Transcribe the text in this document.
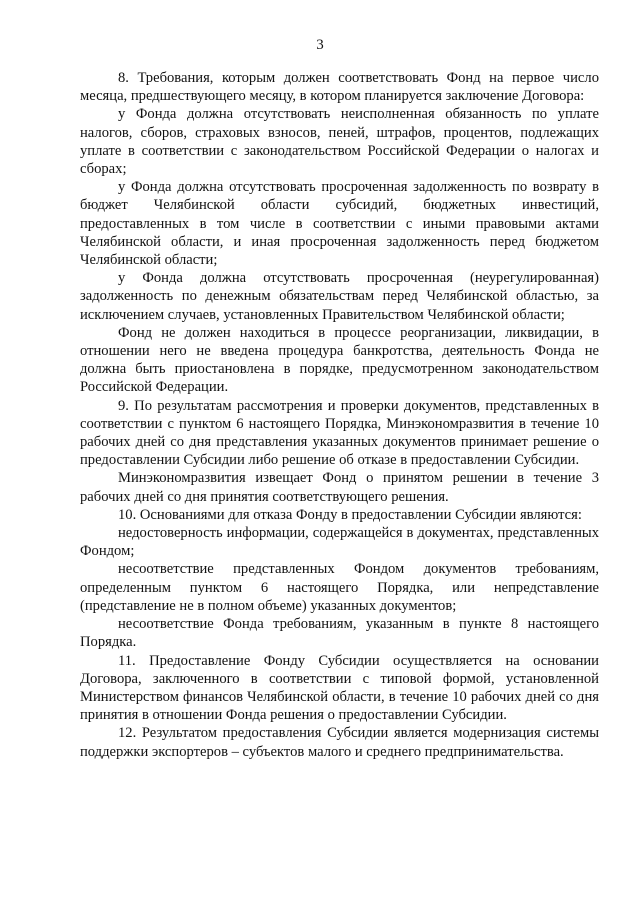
3

8. Требования, которым должен соответствовать Фонд на первое число месяца, предшествующего месяцу, в котором планируется заключение Договора:

у Фонда должна отсутствовать неисполненная обязанность по уплате налогов, сборов, страховых взносов, пеней, штрафов, процентов, подлежащих уплате в соответствии с законодательством Российской Федерации о налогах и сборах;

у Фонда должна отсутствовать просроченная задолженность по возврату в бюджет Челябинской области субсидий, бюджетных инвестиций, предоставленных в том числе в соответствии с иными правовыми актами Челябинской области, и иная просроченная задолженность перед бюджетом Челябинской области;

у Фонда должна отсутствовать просроченная (неурегулированная) задолженность по денежным обязательствам перед Челябинской областью, за исключением случаев, установленных Правительством Челябинской области;

Фонд не должен находиться в процессе реорганизации, ликвидации, в отношении него не введена процедура банкротства, деятельность Фонда не должна быть приостановлена в порядке, предусмотренном законодательством Российской Федерации.

9. По результатам рассмотрения и проверки документов, представленных в соответствии с пунктом 6 настоящего Порядка, Минэкономразвития в течение 10 рабочих дней со дня представления указанных документов принимает решение о предоставлении Субсидии либо решение об отказе в предоставлении Субсидии.

Минэкономразвития извещает Фонд о принятом решении в течение 3 рабочих дней со дня принятия соответствующего решения.

10. Основаниями для отказа Фонду в предоставлении Субсидии являются:

недостоверность информации, содержащейся в документах, представленных Фондом;

несоответствие представленных Фондом документов требованиям, определенным пунктом 6 настоящего Порядка, или непредставление (представление не в полном объеме) указанных документов;

несоответствие Фонда требованиям, указанным в пункте 8 настоящего Порядка.

11. Предоставление Фонду Субсидии осуществляется на основании Договора, заключенного в соответствии с типовой формой, установленной Министерством финансов Челябинской области, в течение 10 рабочих дней со дня принятия в отношении Фонда решения о предоставлении Субсидии.

12. Результатом предоставления Субсидии является модернизация системы поддержки экспортеров – субъектов малого и среднего предпринимательства.
